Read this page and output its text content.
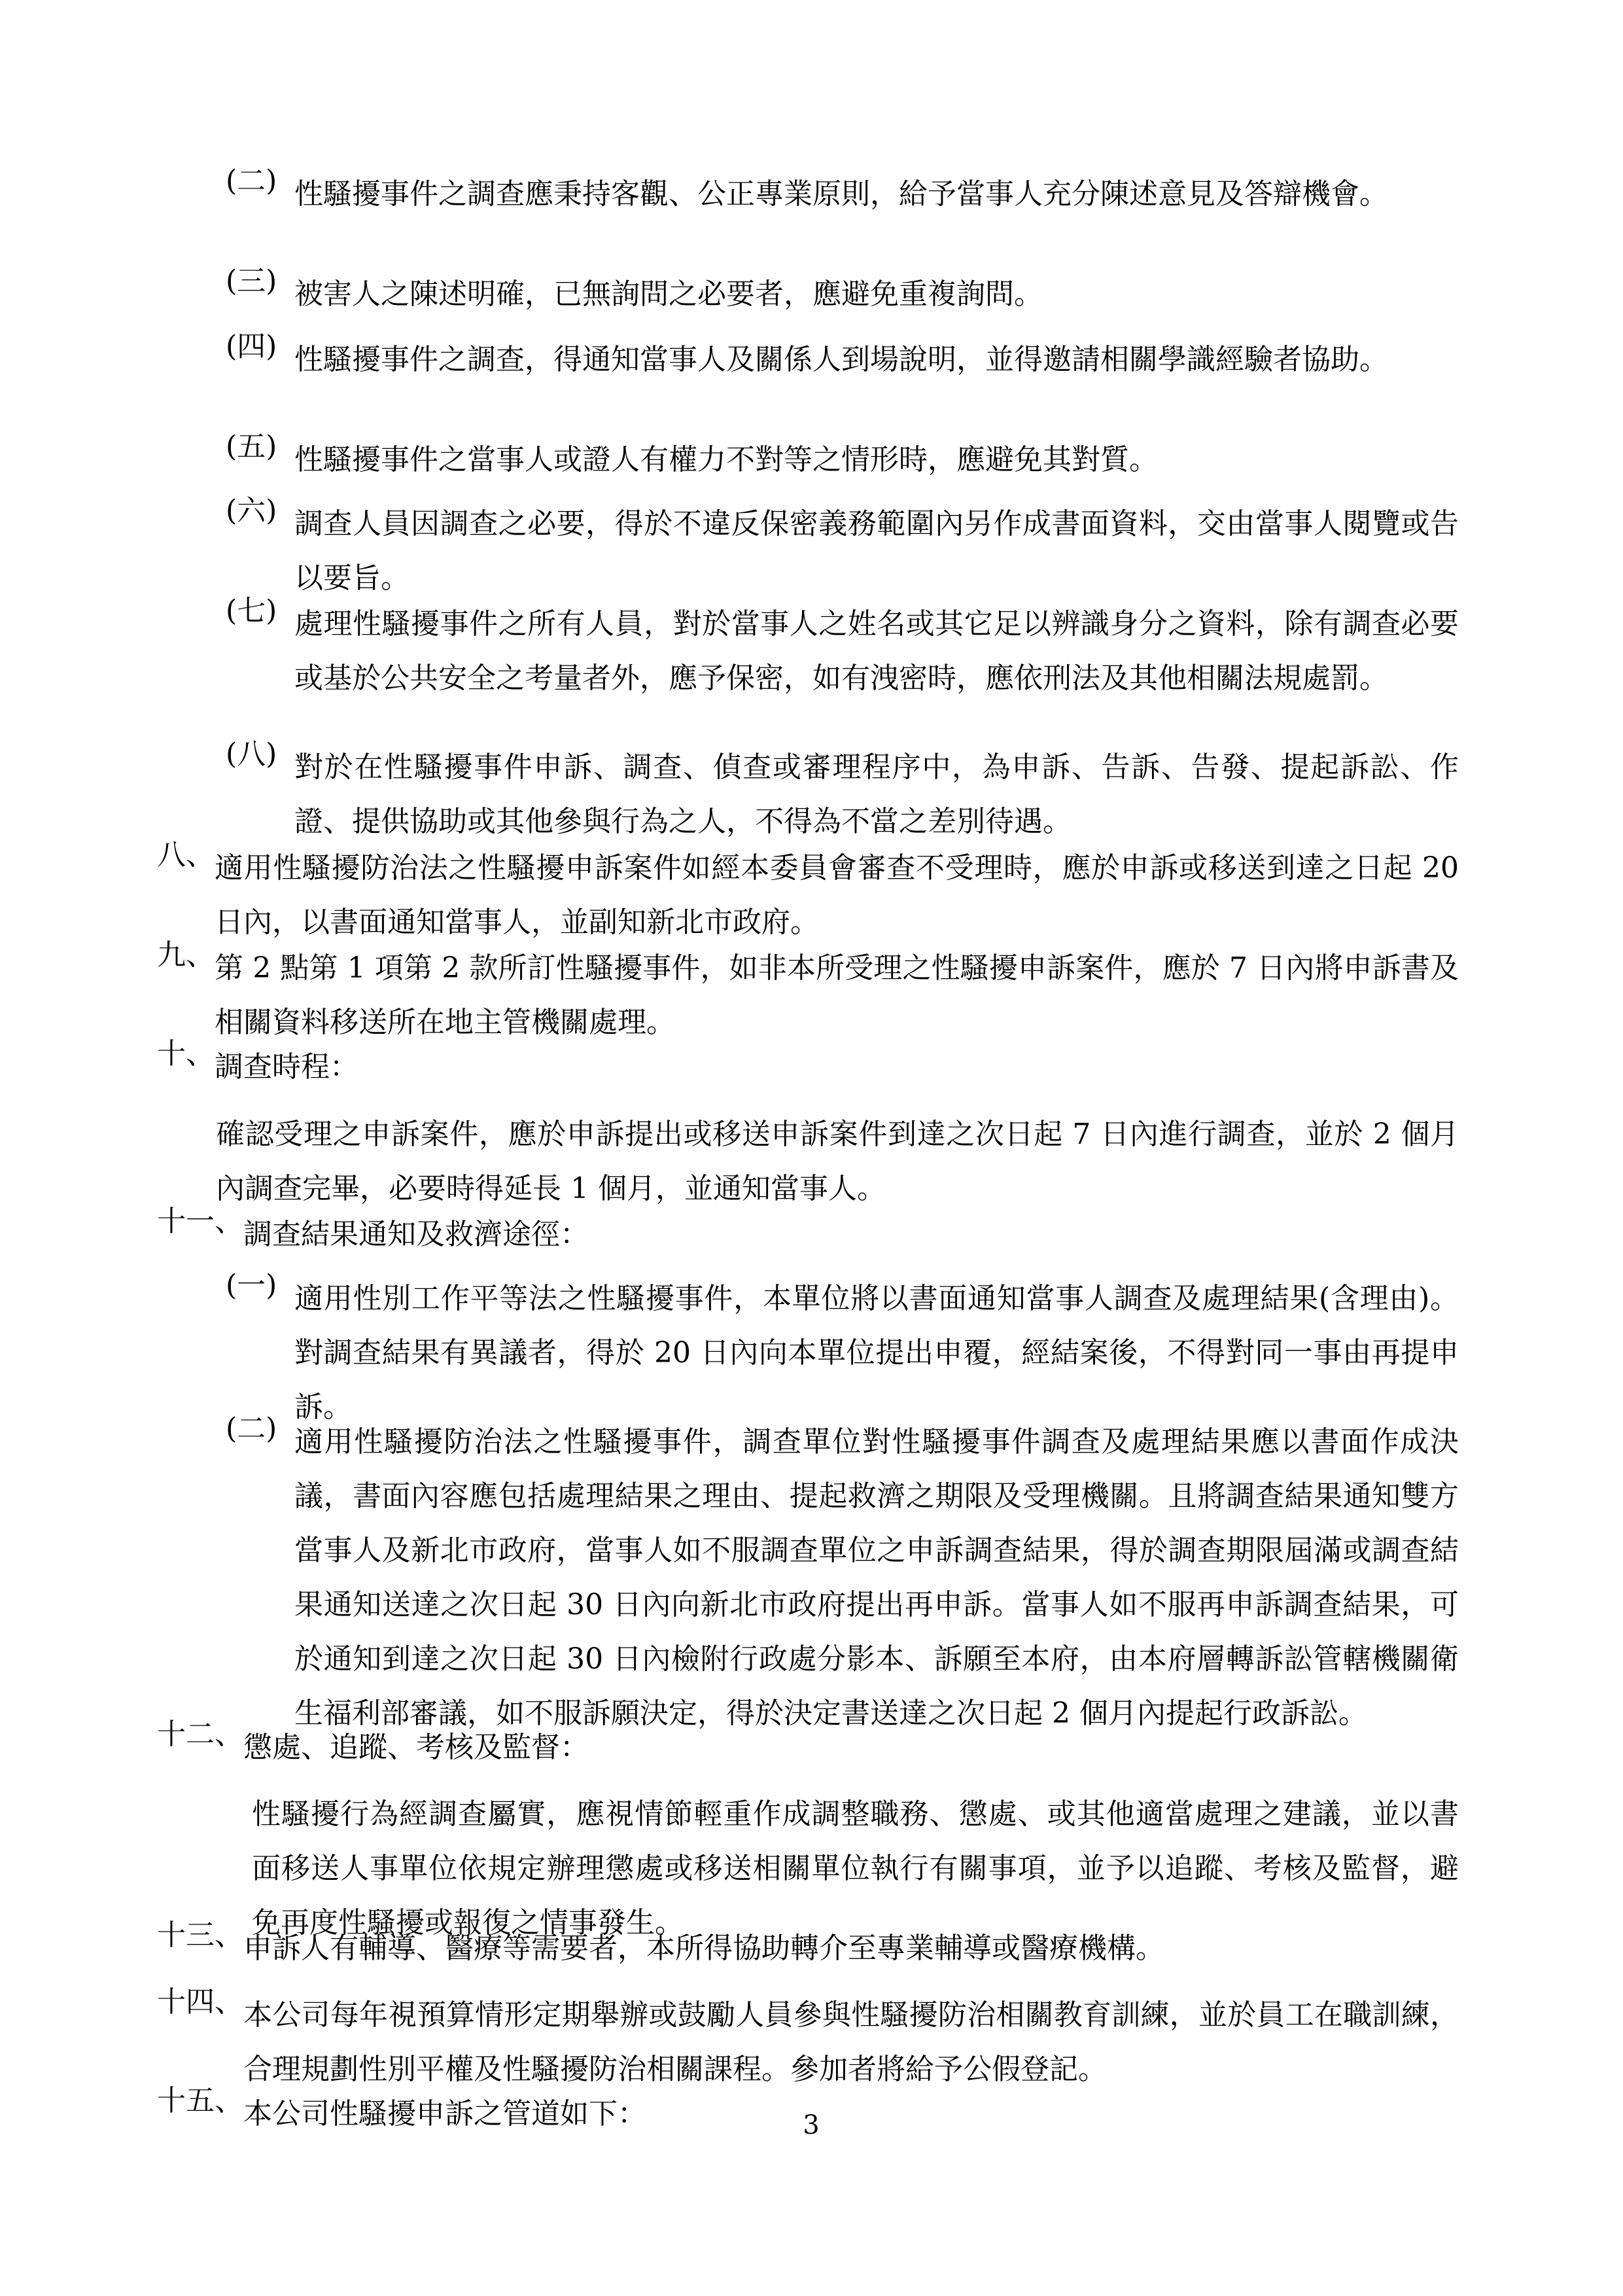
(二) 性騷擾事件之調查應秉持客觀、公正專業原則，給予當事人充分陳述意見及答辯機會。
(三) 被害人之陳述明確，已無詢問之必要者，應避免重複詢問。
(四) 性騷擾事件之調查，得通知當事人及關係人到場說明，並得邀請相關學識經驗者協助。
(五) 性騷擾事件之當事人或證人有權力不對等之情形時，應避免其對質。
(六) 調查人員因調查之必要，得於不違反保密義務範圍內另作成書面資料，交由當事人閱覽或告以要旨。
(七) 處理性騷擾事件之所有人員，對於當事人之姓名或其它足以辨識身分之資料，除有調查必要或基於公共安全之考量者外，應予保密，如有洩密時，應依刑法及其他相關法規處罰。
(八) 對於在性騷擾事件申訴、調查、偵查或審理程序中，為申訴、告訴、告發、提起訴訟、作證、提供協助或其他參與行為之人，不得為不當之差別待遇。
八、 適用性騷擾防治法之性騷擾申訴案件如經本委員會審查不受理時，應於申訴或移送到達之日起 20 日內，以書面通知當事人，並副知新北市政府。
九、 第 2 點第 1 項第 2 款所訂性騷擾事件，如非本所受理之性騷擾申訴案件，應於 7 日內將申訴書及相關資料移送所在地主管機關處理。
十、 調查時程：
確認受理之申訴案件，應於申訴提出或移送申訴案件到達之次日起 7 日內進行調查，並於 2 個月內調查完畢，必要時得延長 1 個月，並通知當事人。
十一、 調查結果通知及救濟途徑：
(一) 適用性別工作平等法之性騷擾事件，本單位將以書面通知當事人調查及處理結果(含理由)。對調查結果有異議者，得於 20 日內向本單位提出申覆，經結案後，不得對同一事由再提申訴。
(二) 適用性騷擾防治法之性騷擾事件，調查單位對性騷擾事件調查及處理結果應以書面作成決議，書面內容應包括處理結果之理由、提起救濟之期限及受理機關。且將調查結果通知雙方當事人及新北市政府，當事人如不服調查單位之申訴調查結果，得於調查期限屆滿或調查結果通知送達之次日起 30 日內向新北市政府提出再申訴。當事人如不服再申訴調查結果，可於通知到達之次日起 30 日內檢附行政處分影本、訴願至本府，由本府層轉訴訟管轄機關衛生福利部審議，如不服訴願決定，得於決定書送達之次日起 2 個月內提起行政訴訟。
十二、 懲處、追蹤、考核及監督：
性騷擾行為經調查屬實，應視情節輕重作成調整職務、懲處、或其他適當處理之建議，並以書面移送人事單位依規定辦理懲處或移送相關單位執行有關事項，並予以追蹤、考核及監督，避免再度性騷擾或報復之情事發生。
十三、 申訴人有輔導、醫療等需要者，本所得協助轉介至專業輔導或醫療機構。
十四、 本公司每年視預算情形定期舉辦或鼓勵人員參與性騷擾防治相關教育訓練，並於員工在職訓練，合理規劃性別平權及性騷擾防治相關課程。參加者將給予公假登記。
十五、 本公司性騷擾申訴之管道如下：	3
